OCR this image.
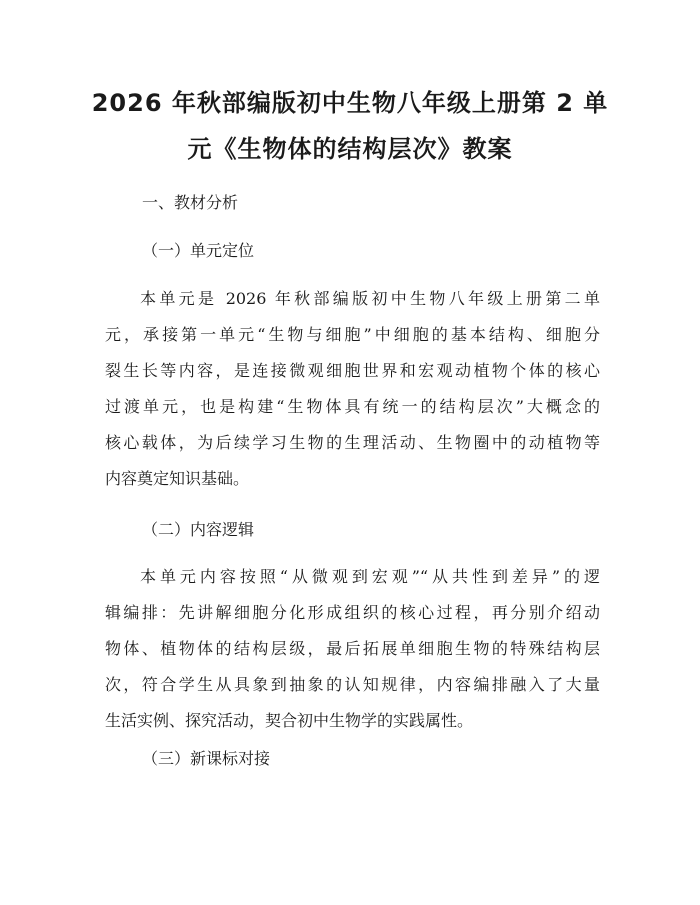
2026 年秋部编版初中生物八年级上册第 2 单
元《生物体的结构层次》教案

一、教材分析

（一）单元定位

本单元是 2026 年秋部编版初中生物八年级上册第二单
元，承接第一单元“生物与细胞”中细胞的基本结构、细胞分
裂生长等内容，是连接微观细胞世界和宏观动植物个体的核心
过渡单元，也是构建“生物体具有统一的结构层次”大概念的
核心载体，为后续学习生物的生理活动、生物圈中的动植物等
内容奠定知识基础。

（二）内容逻辑

本单元内容按照“从微观到宏观”“从共性到差异”的逻
辑编排：先讲解细胞分化形成组织的核心过程，再分别介绍动
物体、植物体的结构层级，最后拓展单细胞生物的特殊结构层
次，符合学生从具象到抽象的认知规律，内容编排融入了大量
生活实例、探究活动，契合初中生物学的实践属性。

（三）新课标对接
